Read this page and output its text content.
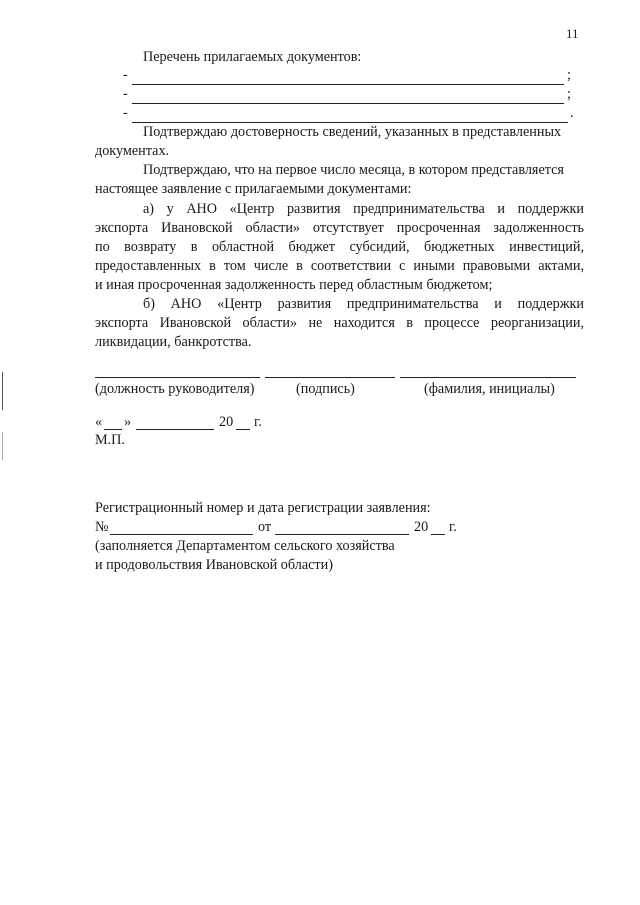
11
Перечень прилагаемых документов:
-	;
-	;
-	.
Подтверждаю достоверность сведений, указанных в представленных
документах.
Подтверждаю, что на первое число месяца, в котором представляется
настоящее заявление с прилагаемыми документами:
а) у АНО «Центр развития предпринимательства и поддержки
экспорта Ивановской области» отсутствует просроченная задолженность
по возврату в областной бюджет субсидий, бюджетных инвестиций,
предоставленных в том числе в соответствии с иными правовыми актами,
и иная просроченная задолженность перед областным бюджетом;
б) АНО «Центр развития предпринимательства и поддержки
экспорта Ивановской области» не находится в процессе реорганизации,
ликвидации, банкротства.
(должность руководителя)	(подпись)	(фамилия, инициалы)
« »	20 г.
М.П.
Регистрационный номер и дата регистрации заявления:
№	от	20 г.
(заполняется Департаментом сельского хозяйства
и продовольствия Ивановской области)
